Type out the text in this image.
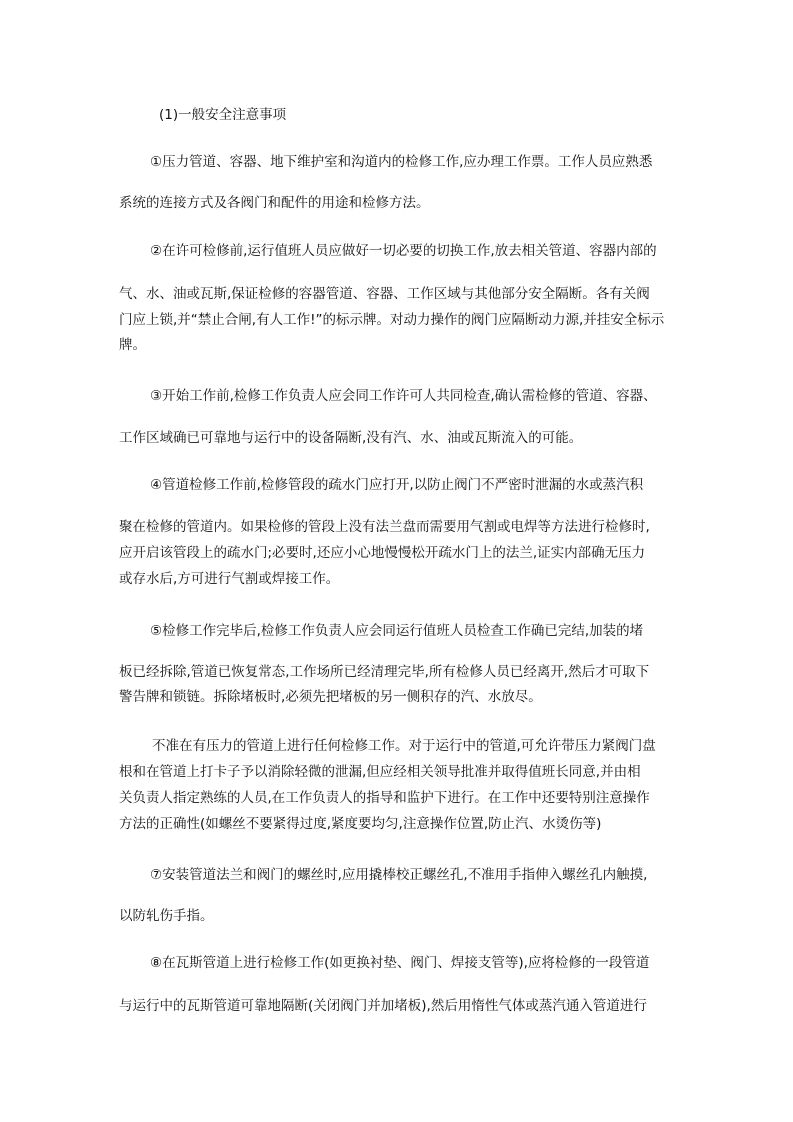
(1)一般安全注意事项
①压力管道、容器、地下维护室和沟道内的检修工作,应办理工作票。工作人员应熟悉
系统的连接方式及各阀门和配件的用途和检修方法。
②在许可检修前,运行值班人员应做好一切必要的切换工作,放去相关管道、容器内部的
气、水、油或瓦斯,保证检修的容器管道、容器、工作区域与其他部分安全隔断。各有关阀
门应上锁,并“禁止合闸,有人工作!”的标示牌。对动力操作的阀门应隔断动力源,并挂安全标示
牌。
③开始工作前,检修工作负责人应会同工作许可人共同检查,确认需检修的管道、容器、
工作区域确已可靠地与运行中的设备隔断,没有汽、水、油或瓦斯流入的可能。
④管道检修工作前,检修管段的疏水门应打开,以防止阀门不严密时泄漏的水或蒸汽积
聚在检修的管道内。如果检修的管段上没有法兰盘而需要用气割或电焊等方法进行检修时,
应开启该管段上的疏水门;必要时,还应小心地慢慢松开疏水门上的法兰,证实内部确无压力
或存水后,方可进行气割或焊接工作。
⑤检修工作完毕后,检修工作负责人应会同运行值班人员检查工作确已完结,加装的堵
板已经拆除,管道已恢复常态,工作场所已经清理完毕,所有检修人员已经离开,然后才可取下
警告牌和锁链。拆除堵板时,必须先把堵板的另一侧积存的汽、水放尽。
不准在有压力的管道上进行任何检修工作。对于运行中的管道,可允许带压力紧阀门盘
根和在管道上打卡子予以消除轻微的泄漏,但应经相关领导批准并取得值班长同意,并由相
关负责人指定熟练的人员,在工作负责人的指导和监护下进行。在工作中还要特别注意操作
方法的正确性(如螺丝不要紧得过度,紧度要均匀,注意操作位置,防止汽、水烫伤等)
⑦安装管道法兰和阀门的螺丝时,应用撬棒校正螺丝孔,不准用手指伸入螺丝孔内触摸,
以防轧伤手指。
⑧在瓦斯管道上进行检修工作(如更换衬垫、阀门、焊接支管等),应将检修的一段管道
与运行中的瓦斯管道可靠地隔断(关闭阀门并加堵板),然后用惰性气体或蒸汽通入管道进行
